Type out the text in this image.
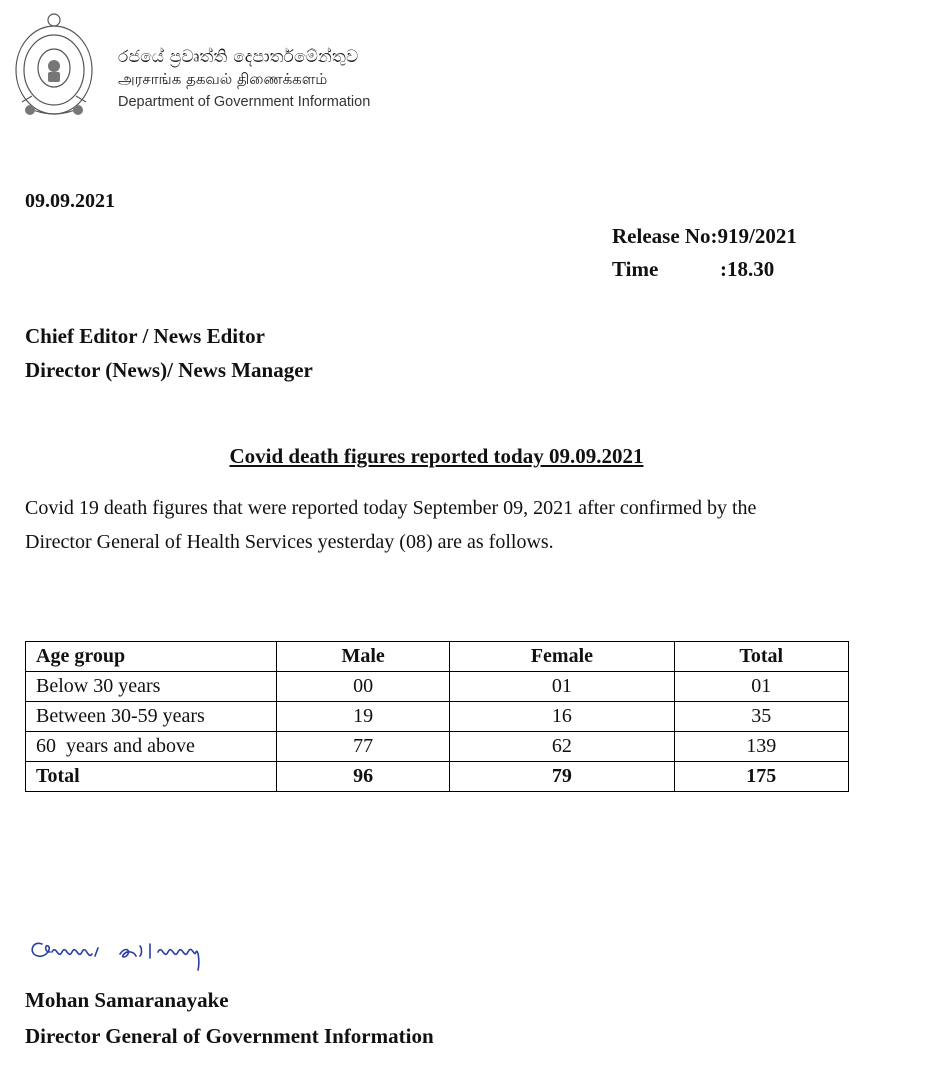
රජයේ ප්‍රවෘත්ති දෙපාර්තමේන්තුව
அரசாங்க தகவல் திணைக்களம்
Department of Government Information
09.09.2021
Release No:919/2021
Time	:18.30
Chief Editor / News Editor
Director (News)/ News Manager
Covid death figures reported today 09.09.2021
Covid 19 death figures that were reported today September 09, 2021 after confirmed by the Director General of Health Services yesterday (08) are as follows.
Age group	Male	Female	Total
Below 30 years	00	01	01
Between 30-59 years	19	16	35
60  years and above	77	62	139
Total	96	79	175
Mohan Samaranayake
Director General of Government Information
